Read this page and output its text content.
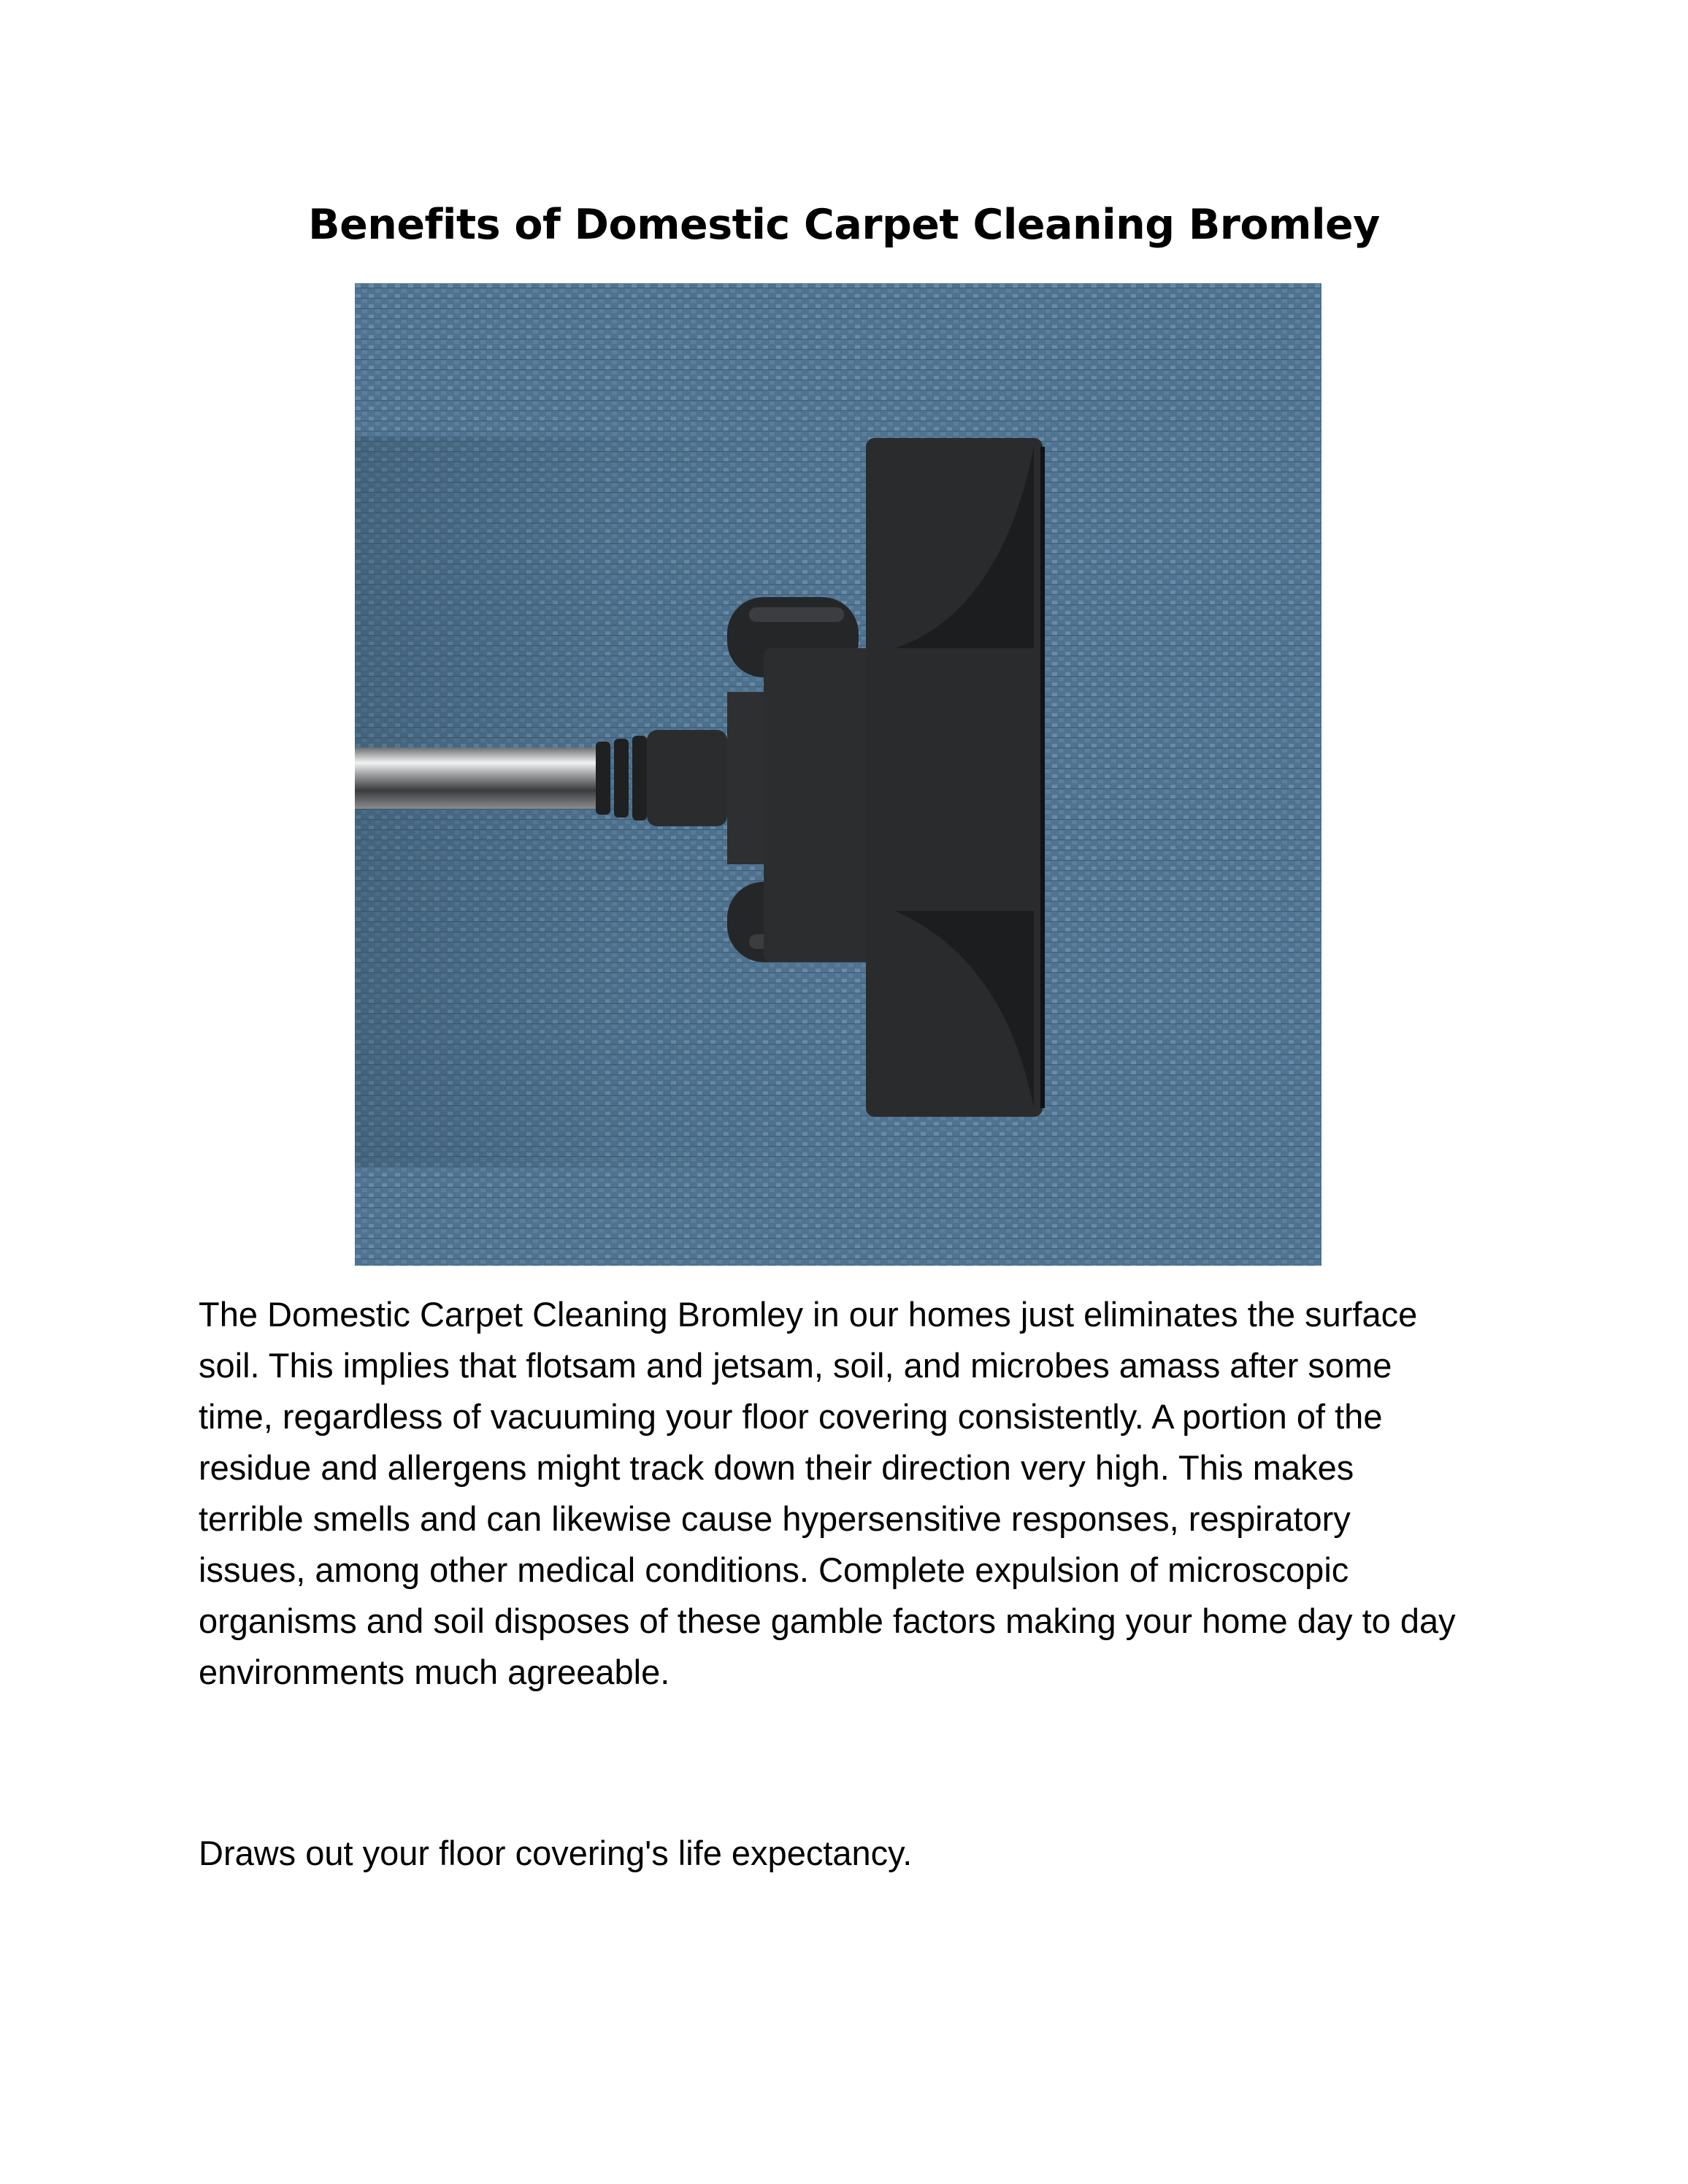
Benefits of Domestic Carpet Cleaning Bromley
The Domestic Carpet Cleaning Bromley in our homes just eliminates the surface
soil. This implies that flotsam and jetsam, soil, and microbes amass after some
time, regardless of vacuuming your floor covering consistently. A portion of the
residue and allergens might track down their direction very high. This makes
terrible smells and can likewise cause hypersensitive responses, respiratory
issues, among other medical conditions. Complete expulsion of microscopic
organisms and soil disposes of these gamble factors making your home day to day
environments much agreeable.

Draws out your floor covering's life expectancy.
